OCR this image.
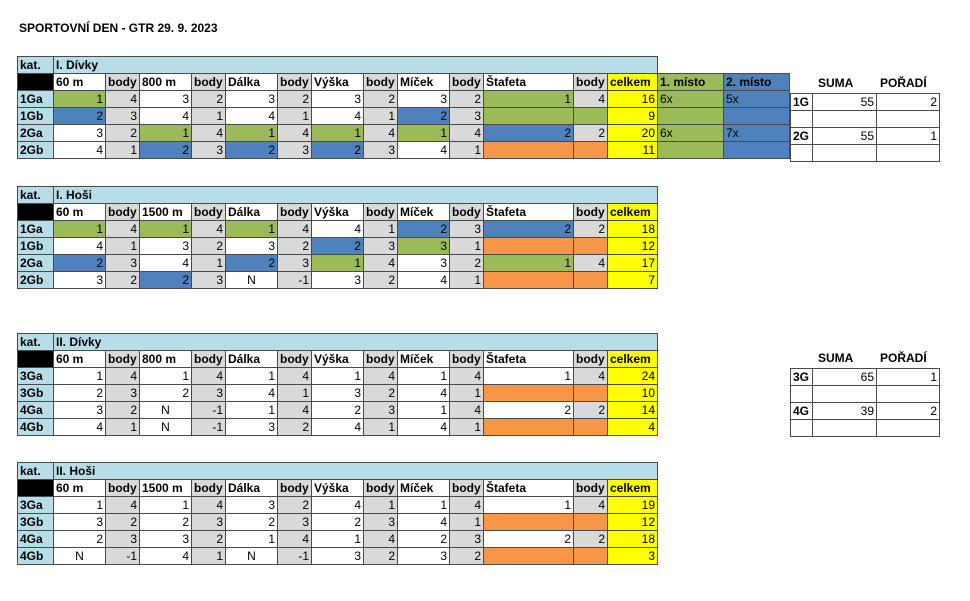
SPORTOVNÍ DEN - GTR 29. 9. 2023
kat.	I. Dívky														
	60 m	body	800 m	body	Dálka	body	Výška	body	Míček	body	Štafeta	body	celkem	1. místo	2. místo
1Ga	1	4	3	2	3	2	3	2	3	2	1	4	16	6x	5x
1Gb	2	3	4	1	4	1	4	1	2	3			9		
2Ga	3	2	1	4	1	4	1	4	1	4	2	2	20	6x	7x
2Gb	4	1	2	3	2	3	2	3	4	1			11		
SUMA POŘADÍ
1G	55	2

2G	55	1

kat.	I. Hoši												
	60 m	body	1500 m	body	Dálka	body	Výška	body	Míček	body	Štafeta	body	celkem
1Ga	1	4	1	4	1	4	4	1	2	3	2	2	18
1Gb	4	1	3	2	3	2	2	3	3	1			12
2Ga	2	3	4	1	2	3	1	4	3	2	1	4	17
2Gb	3	2	2	3	N	-1	3	2	4	1			7
kat.	II. Dívky												
	60 m	body	800 m	body	Dálka	body	Výška	body	Míček	body	Štafeta	body	celkem
3Ga	1	4	1	4	1	4	1	4	1	4	1	4	24
3Gb	2	3	2	3	4	1	3	2	4	1			10
4Ga	3	2	N	-1	1	4	2	3	1	4	2	2	14
4Gb	4	1	N	-1	3	2	4	1	4	1			4
SUMA POŘADÍ
3G	65	1

4G	39	2

kat.	II. Hoši												
	60 m	body	1500 m	body	Dálka	body	Výška	body	Míček	body	Štafeta	body	celkem
3Ga	1	4	1	4	3	2	4	1	1	4	1	4	19
3Gb	3	2	2	3	2	3	2	3	4	1			12
4Ga	2	3	3	2	1	4	1	4	2	3	2	2	18
4Gb	N	-1	4	1	N	-1	3	2	3	2			3
